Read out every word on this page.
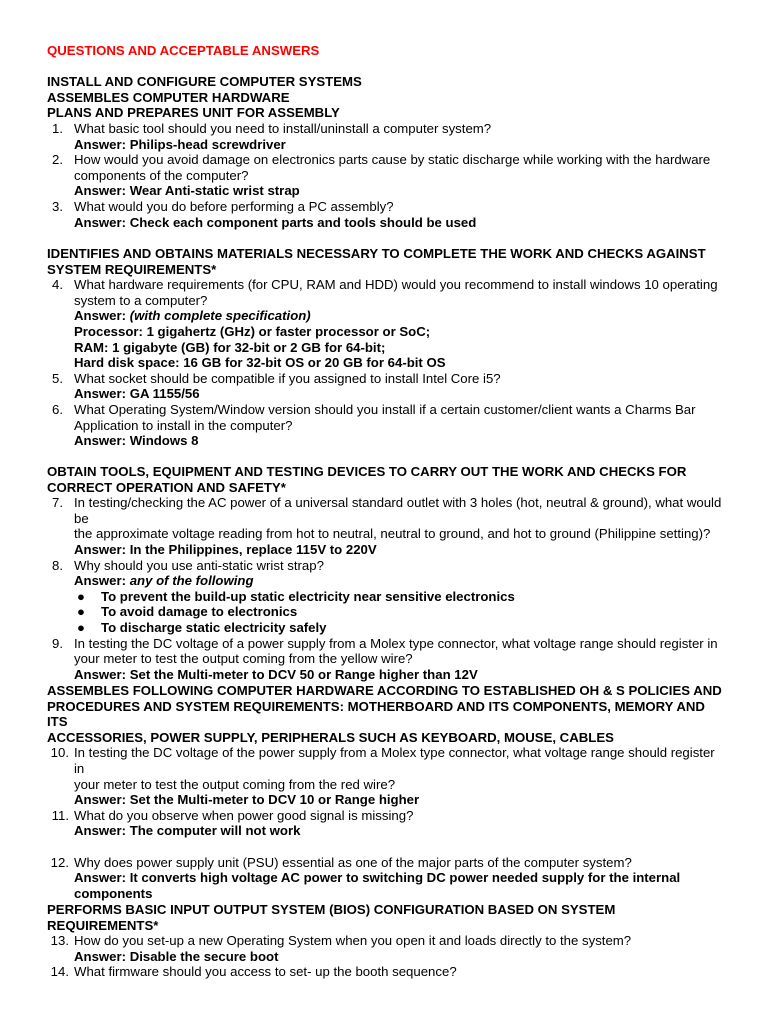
QUESTIONS AND ACCEPTABLE ANSWERS
INSTALL AND CONFIGURE COMPUTER SYSTEMS
ASSEMBLES COMPUTER HARDWARE
PLANS AND PREPARES UNIT FOR ASSEMBLY
1. What basic tool should you need to install/uninstall a computer system?
Answer: Philips-head screwdriver
2. How would you avoid damage on electronics parts cause by static discharge while working with the hardware
components of the computer?
Answer: Wear Anti-static wrist strap
3. What would you do before performing a PC assembly?
Answer: Check each component parts and tools should be used
IDENTIFIES AND OBTAINS MATERIALS NECESSARY TO COMPLETE THE WORK AND CHECKS AGAINST
SYSTEM REQUIREMENTS*
4. What hardware requirements (for CPU, RAM and HDD) would you recommend to install windows 10 operating
system to a computer?
Answer: (with complete specification)
Processor: 1 gigahertz (GHz) or faster processor or SoC;
RAM: 1 gigabyte (GB) for 32-bit or 2 GB for 64-bit;
Hard disk space: 16 GB for 32-bit OS or 20 GB for 64-bit OS
5. What socket should be compatible if you assigned to install Intel Core i5?
Answer: GA 1155/56
6. What Operating System/Window version should you install if a certain customer/client wants a Charms Bar
Application to install in the computer?
Answer: Windows 8
OBTAIN TOOLS, EQUIPMENT AND TESTING DEVICES TO CARRY OUT THE WORK AND CHECKS FOR
CORRECT OPERATION AND SAFETY*
7. In testing/checking the AC power of a universal standard outlet with 3 holes (hot, neutral & ground), what would be
the approximate voltage reading from hot to neutral, neutral to ground, and hot to ground (Philippine setting)?
Answer: In the Philippines, replace 115V to 220V
8. Why should you use anti-static wrist strap?
Answer: any of the following
● To prevent the build-up static electricity near sensitive electronics
● To avoid damage to electronics
● To discharge static electricity safely
9. In testing the DC voltage of a power supply from a Molex type connector, what voltage range should register in
your meter to test the output coming from the yellow wire?
Answer: Set the Multi-meter to DCV 50 or Range higher than 12V
ASSEMBLES FOLLOWING COMPUTER HARDWARE ACCORDING TO ESTABLISHED OH & S POLICIES AND
PROCEDURES AND SYSTEM REQUIREMENTS: MOTHERBOARD AND ITS COMPONENTS, MEMORY AND ITS
ACCESSORIES, POWER SUPPLY, PERIPHERALS SUCH AS KEYBOARD, MOUSE, CABLES
10. In testing the DC voltage of the power supply from a Molex type connector, what voltage range should register in
your meter to test the output coming from the red wire?
Answer: Set the Multi-meter to DCV 10 or Range higher
11. What do you observe when power good signal is missing?
Answer: The computer will not work
12. Why does power supply unit (PSU) essential as one of the major parts of the computer system?
Answer: It converts high voltage AC power to switching DC power needed supply for the internal
components
PERFORMS BASIC INPUT OUTPUT SYSTEM (BIOS) CONFIGURATION BASED ON SYSTEM REQUIREMENTS*
13. How do you set-up a new Operating System when you open it and loads directly to the system?
Answer: Disable the secure boot
14. What firmware should you access to set- up the booth sequence?
